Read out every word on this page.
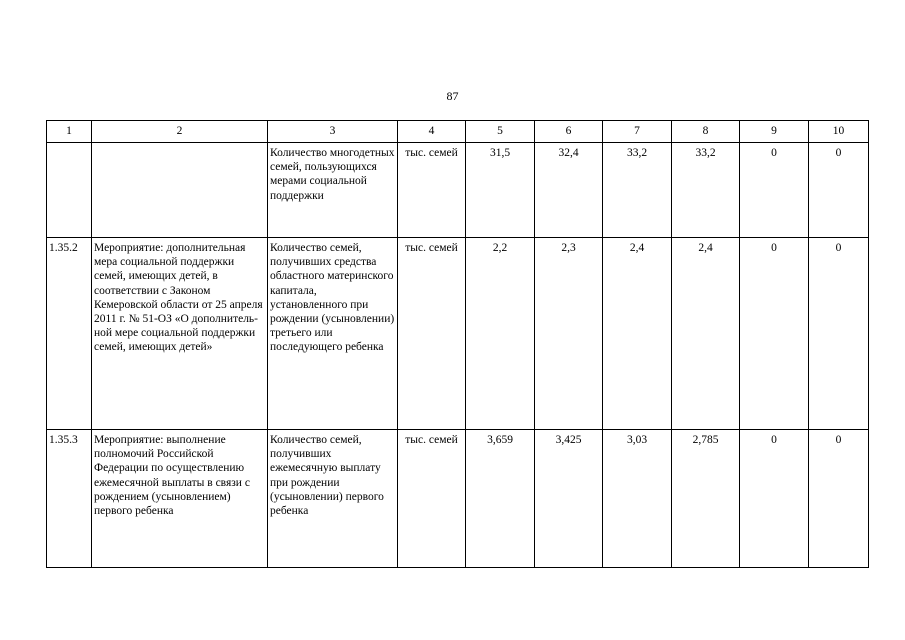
87
1	2	3	4	5	6	7	8	9	10
		Количество многодетных семей, пользующихся мерами социальной поддержки	тыс. семей	31,5	32,4	33,2	33,2	0	0
1.35.2	Мероприятие: дополнительная мера социальной поддержки семей, имеющих детей, в соответствии с Законом Кемеровской области от 25 апреля 2011 г. № 51-ОЗ «О дополнитель-ной мере социальной поддержки семей, имеющих детей»	Количество семей, получивших средства областного материнского капитала, установленного при рождении (усыновлении) третьего или последующего ребенка	тыс. семей	2,2	2,3	2,4	2,4	0	0
1.35.3	Мероприятие: выполнение полномочий Российской Федерации по осуществлению ежемесячной выплаты в связи с рождением (усыновлением) первого ребенка	Количество семей, получивших ежемесячную выплату при рождении (усыновлении) первого ребенка	тыс. семей	3,659	3,425	3,03	2,785	0	0
